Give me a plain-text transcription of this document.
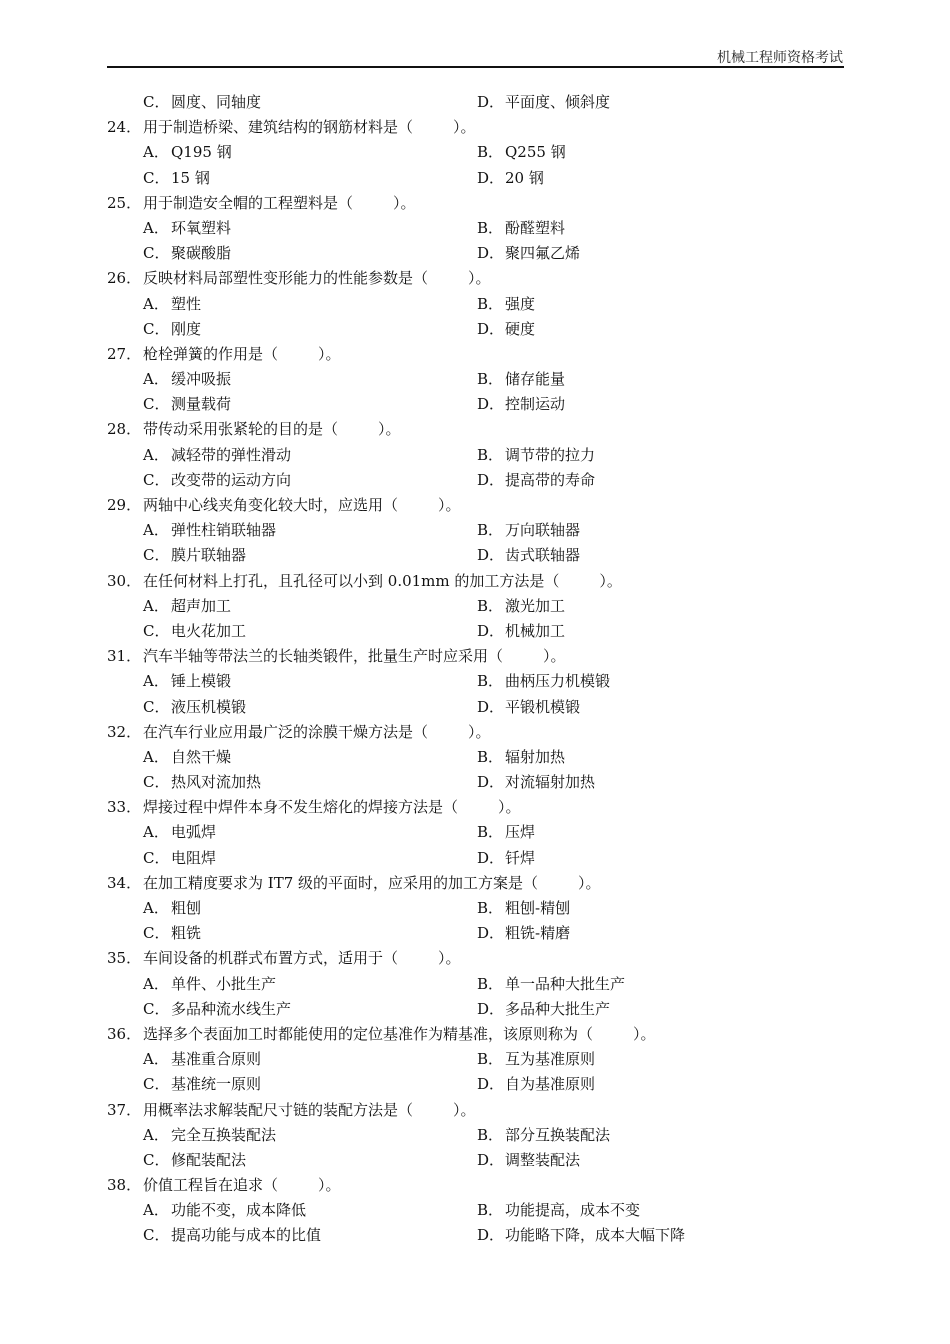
机械工程师资格考试
C． 圆度、同轴度	D．平面度、倾斜度
24． 用于制造桥梁、建筑结构的钢筋材料是（	）。
A． Q195 钢	B． Q255 钢
C． 15 钢	D．20 钢
25． 用于制造安全帽的工程塑料是（	）。
A． 环氧塑料	B． 酚醛塑料
C． 聚碳酸脂	D．聚四氟乙烯
26． 反映材料局部塑性变形能力的性能参数是（	）。
A． 塑性	B． 强度
C． 刚度	D．硬度
27． 枪栓弹簧的作用是（	）。
A． 缓冲吸振	B． 储存能量
C． 测量载荷	D．控制运动
28． 带传动采用张紧轮的目的是（	）。
A． 减轻带的弹性滑动	B． 调节带的拉力
C． 改变带的运动方向	D．提高带的寿命
29． 两轴中心线夹角变化较大时，应选用（	）。
A． 弹性柱销联轴器	B． 万向联轴器
C． 膜片联轴器	D．齿式联轴器
30． 在任何材料上打孔，且孔径可以小到 0.01mm 的加工方法是（	）。
A． 超声加工	B． 激光加工
C． 电火花加工	D．机械加工
31． 汽车半轴等带法兰的长轴类锻件，批量生产时应采用（	）。
A． 锤上模锻	B． 曲柄压力机模锻
C． 液压机模锻	D．平锻机模锻
32． 在汽车行业应用最广泛的涂膜干燥方法是（	）。
A． 自然干燥	B． 辐射加热
C． 热风对流加热	D．对流辐射加热
33． 焊接过程中焊件本身不发生熔化的焊接方法是（	）。
A． 电弧焊	B． 压焊
C． 电阻焊	D．钎焊
34． 在加工精度要求为 IT7 级的平面时，应采用的加工方案是（	）。
A． 粗刨	B． 粗刨-精刨
C． 粗铣	D．粗铣-精磨
35． 车间设备的机群式布置方式，适用于（	）。
A． 单件、小批生产	B． 单一品种大批生产
C． 多品种流水线生产	D．多品种大批生产
36． 选择多个表面加工时都能使用的定位基准作为精基准，该原则称为（	）。
A． 基准重合原则	B． 互为基准原则
C． 基准统一原则	D．自为基准原则
37． 用概率法求解装配尺寸链的装配方法是（	）。
A． 完全互换装配法	B． 部分互换装配法
C． 修配装配法	D．调整装配法
38． 价值工程旨在追求（	）。
A． 功能不变，成本降低	B． 功能提高，成本不变
C． 提高功能与成本的比值	D．功能略下降，成本大幅下降
